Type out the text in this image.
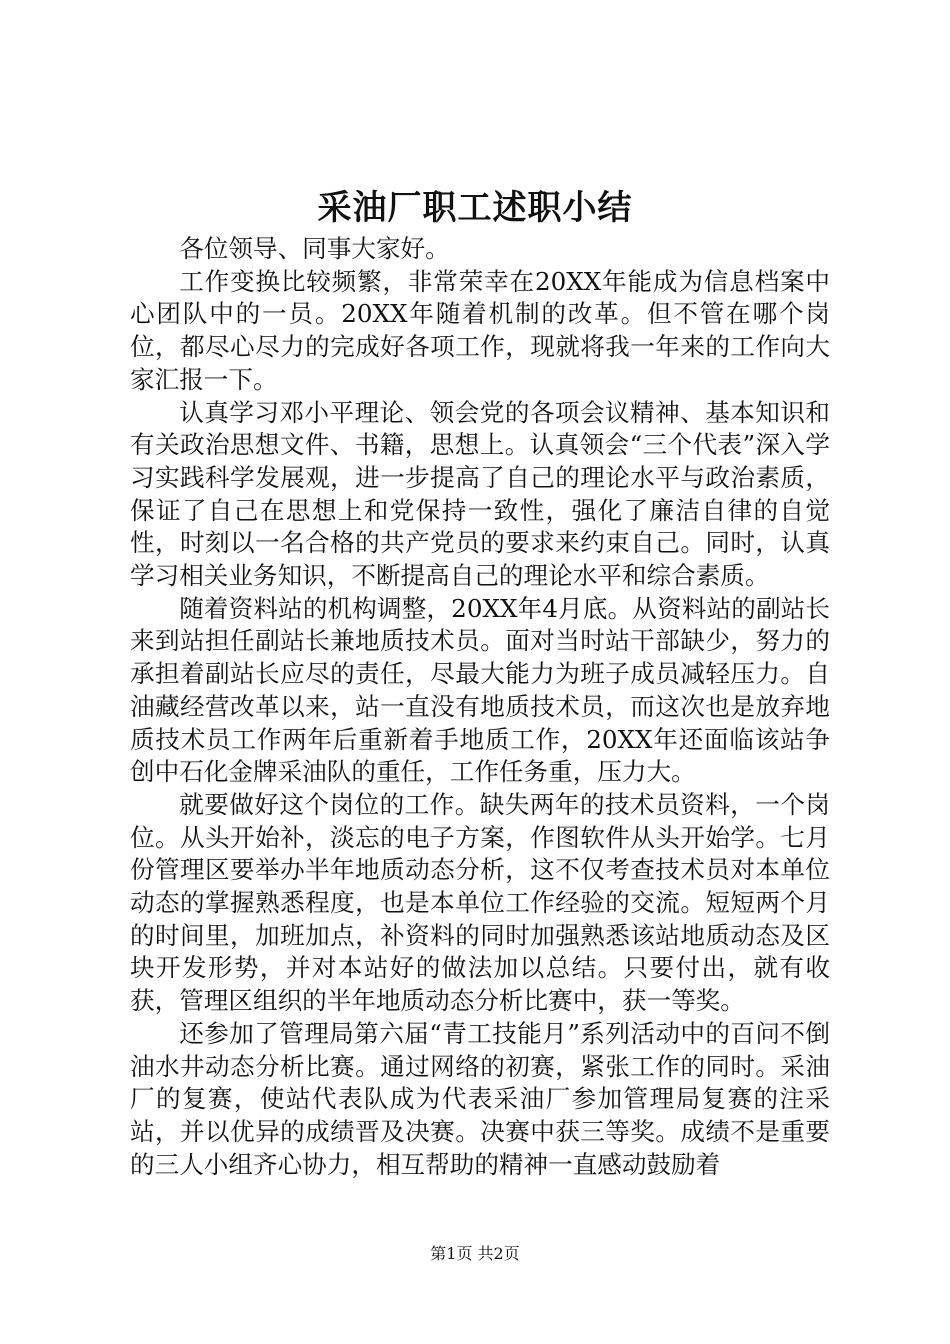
采油厂职工述职小结

各位领导、同事大家好。

工作变换比较频繁，非常荣幸在20XX年能成为信息档案中心团队中的一员。20XX年随着机制的改革。但不管在哪个岗位，都尽心尽力的完成好各项工作，现就将我一年来的工作向大家汇报一下。

认真学习邓小平理论、领会党的各项会议精神、基本知识和有关政治思想文件、书籍，思想上。认真领会“三个代表”深入学习实践科学发展观，进一步提高了自己的理论水平与政治素质，保证了自己在思想上和党保持一致性，强化了廉洁自律的自觉性，时刻以一名合格的共产党员的要求来约束自己。同时，认真学习相关业务知识，不断提高自己的理论水平和综合素质。

随着资料站的机构调整，20XX年4月底。从资料站的副站长来到站担任副站长兼地质技术员。面对当时站干部缺少，努力的承担着副站长应尽的责任，尽最大能力为班子成员减轻压力。自油藏经营改革以来，站一直没有地质技术员，而这次也是放弃地质技术员工作两年后重新着手地质工作，20XX年还面临该站争创中石化金牌采油队的重任，工作任务重，压力大。

就要做好这个岗位的工作。缺失两年的技术员资料，一个岗位。从头开始补，淡忘的电子方案，作图软件从头开始学。七月份管理区要举办半年地质动态分析，这不仅考查技术员对本单位动态的掌握熟悉程度，也是本单位工作经验的交流。短短两个月的时间里，加班加点，补资料的同时加强熟悉该站地质动态及区块开发形势，并对本站好的做法加以总结。只要付出，就有收获，管理区组织的半年地质动态分析比赛中，获一等奖。

还参加了管理局第六届“青工技能月”系列活动中的百问不倒油水井动态分析比赛。通过网络的初赛，紧张工作的同时。采油厂的复赛，使站代表队成为代表采油厂参加管理局复赛的注采站，并以优异的成绩晋及决赛。决赛中获三等奖。成绩不是重要的三人小组齐心协力，相互帮助的精神一直感动鼓励着

第1页 共2页
